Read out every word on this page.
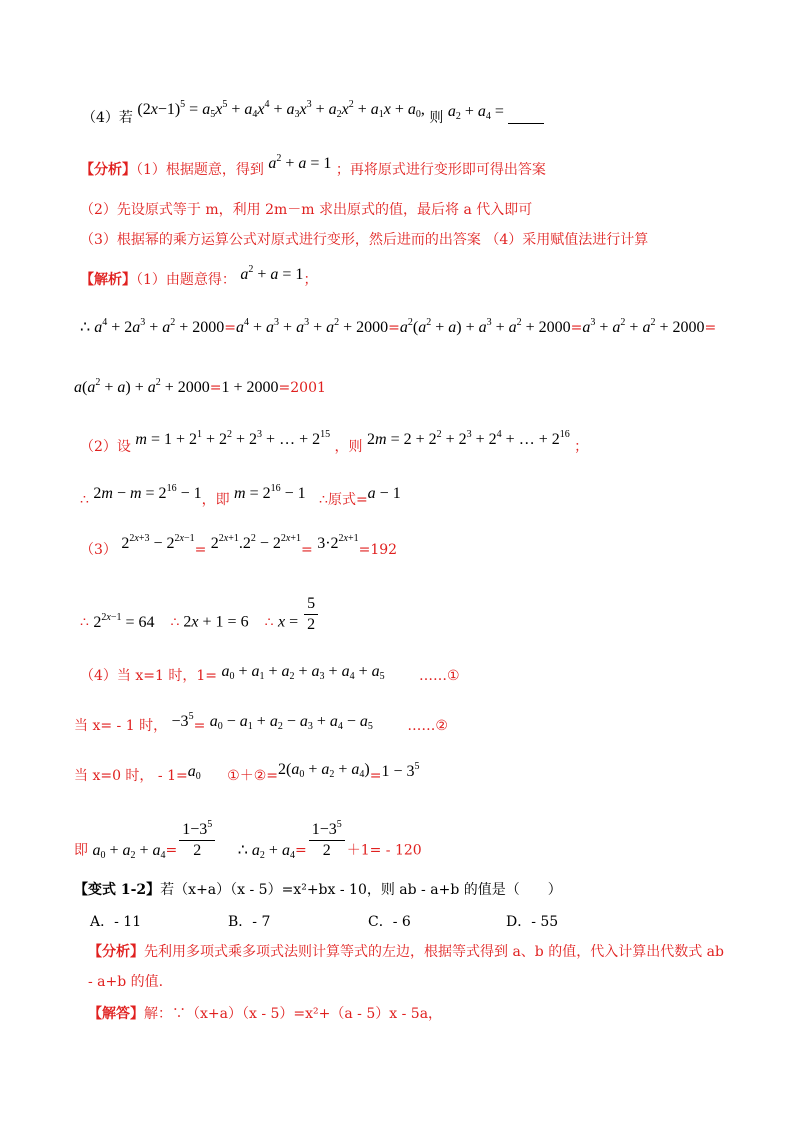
（4）若 $(2x-1)^5 = a_5x^5 + a_4x^4 + a_3x^3 + a_2x^2 + a_1x + a_0$, 则 $a_2 + a_4$ =
【分析】（1）根据题意，得到 $a^2 + a = 1$ ；再将原式进行变形即可得出答案
（2）先设原式等于 m，利用 2m－m 求出原式的值，最后将 a 代入即可
（3）根据幂的乘方运算公式对原式进行变形，然后进而的出答案 （4）采用赋值法进行计算
【解析】（1）由题意得： $a^2 + a = 1$；
∴ $a^4 + 2a^3 + a^2 + 2000=a^4 + a^3 + a^3 + a^2 + 2000=a^2(a^2 + a) + a^3 + a^2 + 2000=a^3 + a^2 + a^2 + 2000=$
$a(a^2 + a) + a^2 + 2000=1 + 2000=2001$
（2）设 $m = 1 + 2^1 + 2^2 + 2^3$ + … + $2^{15}$ ，则 $2m = 2 + 2^2 + 2^3 + 2^4$ + … + $2^{16}$ ；
∴ $2m - m = 2^{16} - 1$，即 $m = 2^{16} - 1$ ∴原式=a − 1
（3） $2^{2x+3} - 2^{2x-1}= 2^{2x+1}.2^2 - 2^{2x+1}= 3\cdot 2^{2x+1}=192$
∴ $2^{2x-1} = 64$    ∴ 2x + 1 = 6    ∴ $x = \frac{5}{2}$
（4）当 x=1 时，$1= a_0 + a_1 + a_2 + a_3 + a_4 + a_5$ ……①
当 x= - 1 时， $-3^5= a_0 - a_1 + a_2 - a_3 + a_4 - a_5$ ……②
当 x=0 时， - $1=a_0$ $①+②=2(a_0 + a_2 + a_4)=1 - 3^5$
即 $a_0 + a_2 + a_4= \frac{1-3^5}{2}$ ∴ $a_2 + a_4= \frac{1-3^5}{2} +1= - 120$
【变式 1-2】若（x+a）（x - 5）=x²+bx - 10，则 ab - a+b 的值是（　　）
A．- 11	B．- 7	C．- 6	D．- 55
【分析】先利用多项式乘多项式法则计算等式的左边，根据等式得到 a、b 的值，代入计算出代数式 ab
- a+b 的值.
【解答】解：∵（x+a）（x - 5）=x²+（a - 5）x - 5a，
